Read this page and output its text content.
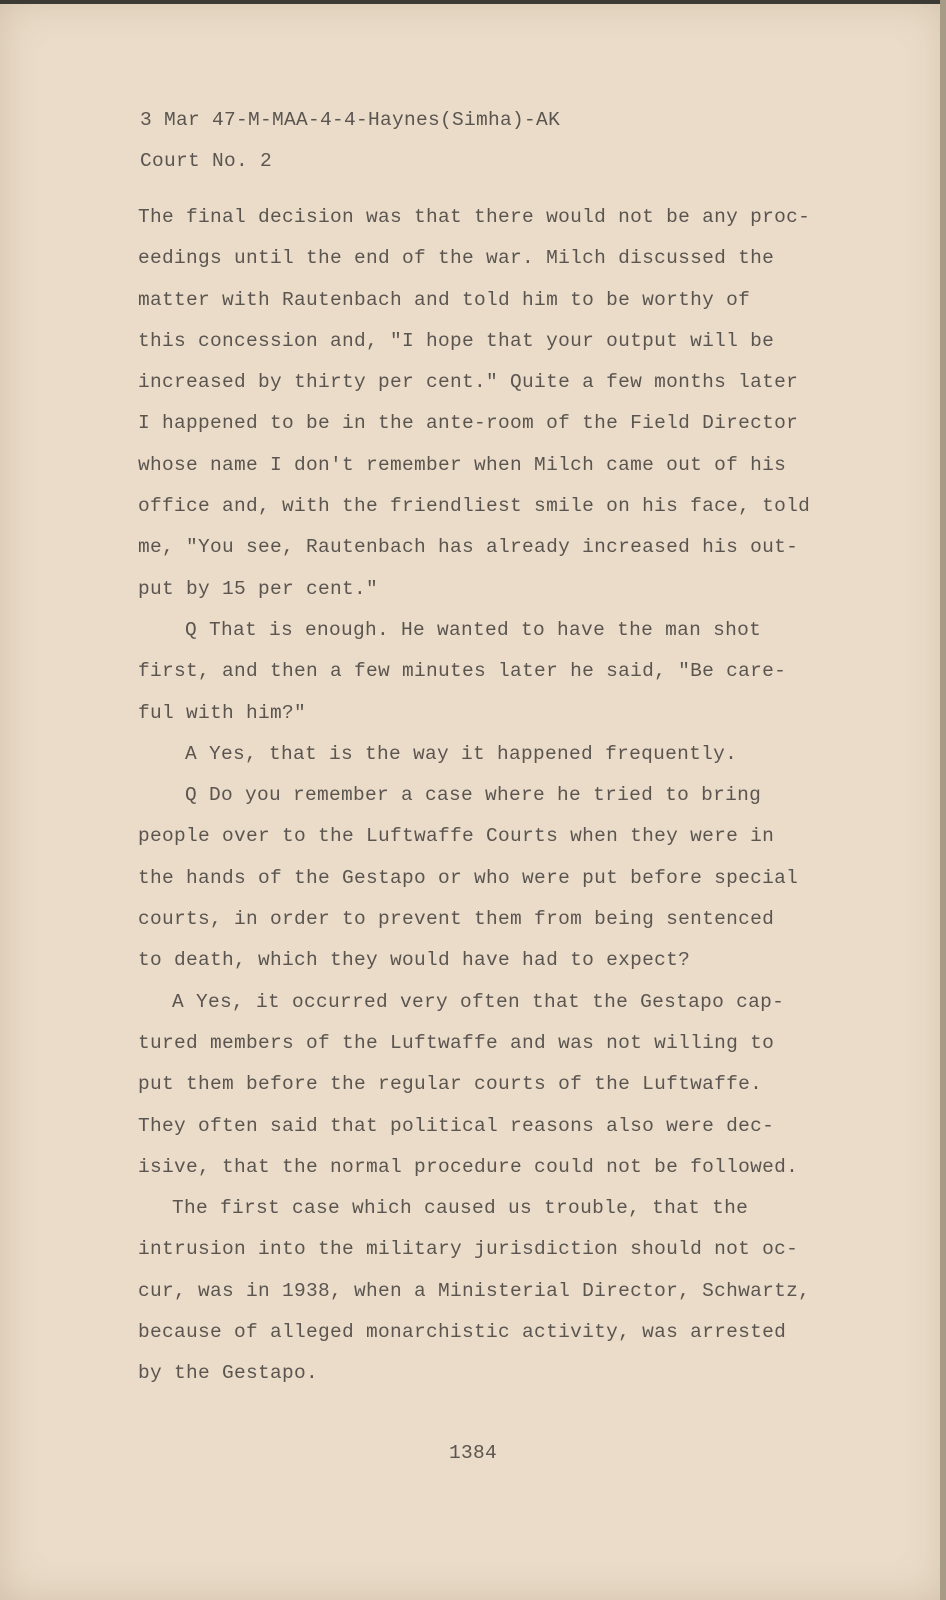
3 Mar 47-M-MAA-4-4-Haynes(Simha)-AK
Court No. 2
The final decision was that there would not be any proc-
eedings until the end of the war. Milch discussed the
matter with Rautenbach and told him to be worthy of
this concession and, "I hope that your output will be
increased by thirty per cent." Quite a few months later
I happened to be in the ante-room of the Field Director
whose name I don't remember when Milch came out of his
office and, with the friendliest smile on his face, told
me, "You see, Rautenbach has already increased his out-
put by 15 per cent."
Q That is enough. He wanted to have the man shot
first, and then a few minutes later he said, "Be care-
ful with him?"
A Yes, that is the way it happened frequently.
Q Do you remember a case where he tried to bring
people over to the Luftwaffe Courts when they were in
the hands of the Gestapo or who were put before special
courts, in order to prevent them from being sentenced
to death, which they would have had to expect?
A Yes, it occurred very often that the Gestapo cap-
tured members of the Luftwaffe and was not willing to
put them before the regular courts of the Luftwaffe.
They often said that political reasons also were dec-
isive, that the normal procedure could not be followed.
The first case which caused us trouble, that the
intrusion into the military jurisdiction should not oc-
cur, was in 1938, when a Ministerial Director, Schwartz,
because of alleged monarchistic activity, was arrested
by the Gestapo.
1384
